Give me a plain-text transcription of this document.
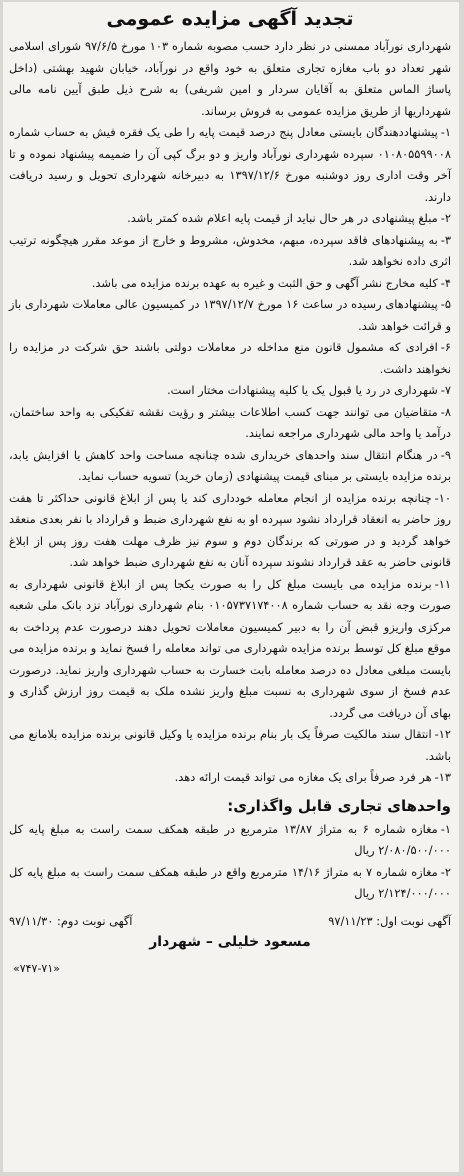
تجدید آگهی مزایده عمومی

شهرداری نورآباد ممسنی در نظر دارد حسب مصوبه شماره ۱۰۳ مورخ ۹۷/۶/۵ شورای اسلامی شهر تعداد دو باب مغازه تجاری متعلق به خود واقع در نورآباد، خیابان شهید بهشتی (داخل پاساژ الماس متعلق به آقایان سردار و امین شریفی) به شرح ذیل طبق آیین نامه مالی شهرداریها از طریق مزایده عمومی به فروش برساند.

۱-پیشنهاددهندگان بایستی معادل پنج درصد قیمت پایه را طی یک فقره فیش به حساب شماره ۰۱۰۸۰۵۵۹۹۰۰۸ سپرده شهرداری نورآباد واریز و دو برگ کپی آن را ضمیمه پیشنهاد نموده و تا آخر وقت اداری روز دوشنبه مورخ ۱۳۹۷/۱۲/۶ به دبیرخانه شهرداری تحویل و رسید دریافت دارند.
۲-مبلغ پیشنهادی در هر حال نباید از قیمت پایه اعلام شده کمتر باشد.
۳-به پیشنهادهای فاقد سپرده، مبهم، مخدوش، مشروط و خارج از موعد مقرر هیچگونه ترتیب اثری داده نخواهد شد.
۴-کلیه مخارج نشر آگهی و حق الثبت و غیره به عهده برنده مزایده می باشد.
۵-پیشنهادهای رسیده در ساعت ۱۶ مورخ ۱۳۹۷/۱۲/۷ در کمیسیون عالی معاملات شهرداری باز و قرائت خواهد شد.
۶-افرادی که مشمول قانون منع مداخله در معاملات دولتی باشند حق شرکت در مزایده را نخواهند داشت.
۷-شهرداری در رد یا قبول یک یا کلیه پیشنهادات مختار است.
۸-متقاضیان می توانند جهت کسب اطلاعات بیشتر و رؤیت نقشه تفکیکی به واحد ساختمان، درآمد یا واحد مالی شهرداری مراجعه نمایند.
۹-در هنگام انتقال سند واحدهای خریداری شده چنانچه مساحت واحد کاهش یا افزایش یابد، برنده مزایده بایستی بر مبنای قیمت پیشنهادی (زمان خرید) تسویه حساب نماید.
۱۰-چنانچه برنده مزایده از انجام معامله خودداری کند یا پس از ابلاغ قانونی حداکثر تا هفت روز حاضر به انعقاد قرارداد نشود سپرده او به نفع شهرداری ضبط و قرارداد با نفر بعدی منعقد خواهد گردید و در صورتی که برندگان دوم و سوم نیز ظرف مهلت هفت روز پس از ابلاغ قانونی حاضر به عقد قرارداد نشوند سپرده آنان به نفع شهرداری ضبط خواهد شد.
۱۱-برنده مزایده می بایست مبلغ کل را به صورت یکجا پس از ابلاغ قانونی شهرداری به صورت وجه نقد به حساب شماره ۰۱۰۵۷۳۷۱۷۴۰۰۸ بنام شهرداری نورآباد نزد بانک ملی شعبه مرکزی واریزو قبض آن را به دبیر کمیسیون معاملات تحویل دهند درصورت عدم پرداخت به موقع مبلغ کل توسط برنده مزایده شهرداری می تواند معامله را فسخ نماید و برنده مزایده می بایست مبلغی معادل ده درصد معامله بابت خسارت به حساب شهرداری واریز نماید. درصورت عدم فسخ از سوی شهرداری به نسبت مبلغ واریز نشده ملک به قیمت روز ارزش گذاری و بهای آن دریافت می گردد.
۱۲-انتقال سند مالکیت صرفاً یک بار بنام برنده مزایده یا وکیل قانونی برنده مزایده بلامانع می باشد.
۱۳-هر فرد صرفاً برای یک مغازه می تواند قیمت ارائه دهد.
واحدهای تجاری قابل واگذاری:

۱-مغازه شماره ۶ به متراژ ۱۳/۸۷ مترمربع در طبقه همکف سمت راست به مبلغ پایه کل ۲/۰۸۰/۵۰۰/۰۰۰ ریال

۲-مغازه شماره ۷ به متراژ ۱۴/۱۶ مترمربع واقع در طبقه همکف سمت راست به مبلغ پایه کل ۲/۱۲۴/۰۰۰/۰۰۰ ریال

آگهی نوبت اول: ۹۷/۱۱/۲۳
آگهی نوبت دوم: ۹۷/۱۱/۳۰
مسعود خلیلی – شهردار
«۷۴۷-۷۱»
